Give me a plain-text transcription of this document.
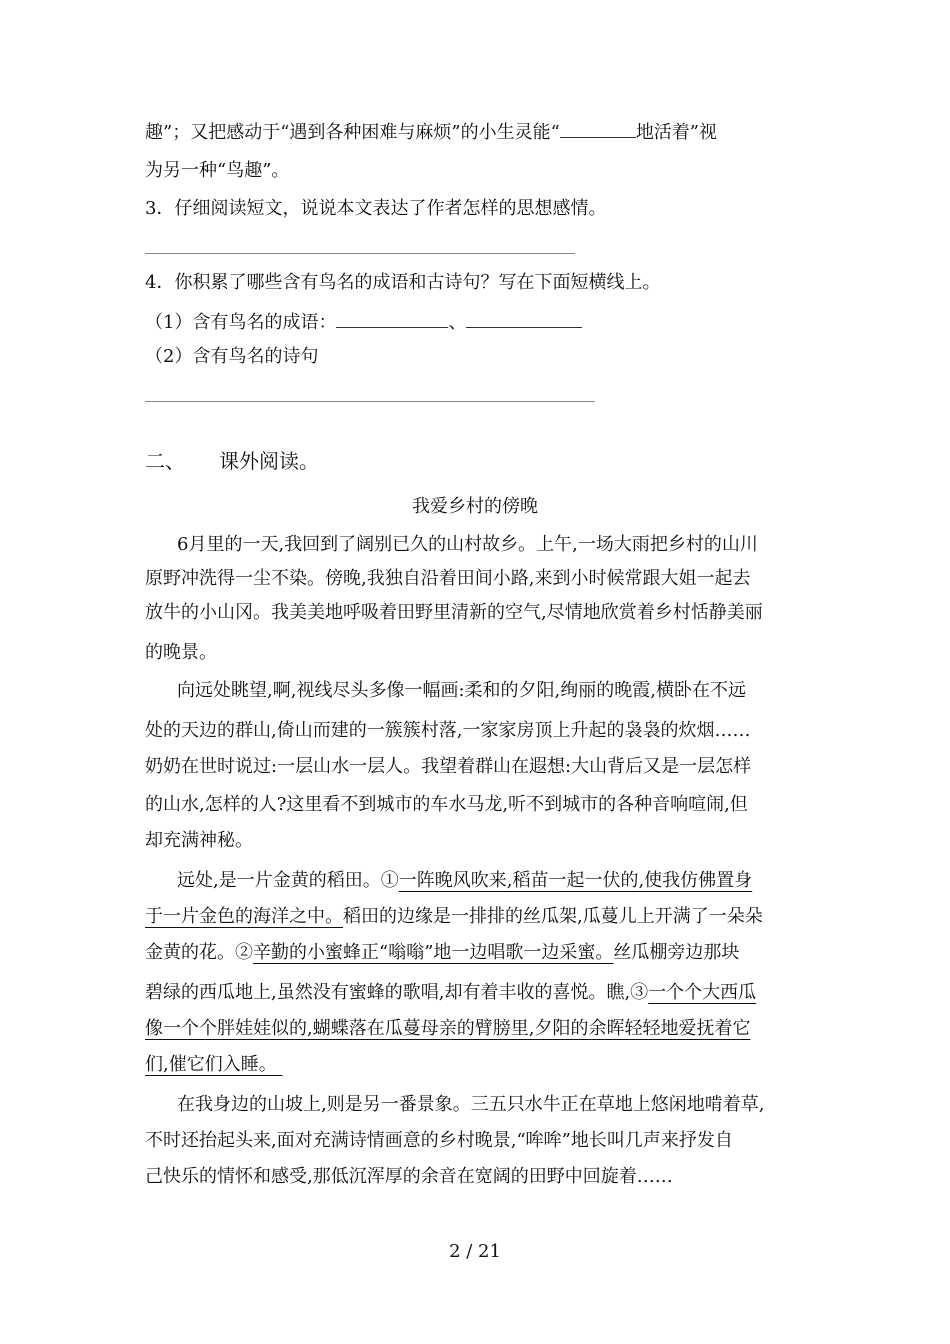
趣”；又把感动于“遇到各种困难与麻烦”的小生灵能“	地活着”视
为另一种“鸟趣”。
3．仔细阅读短文，说说本文表达了作者怎样的思想感情。
4．你积累了哪些含有鸟名的成语和古诗句？写在下面短横线上。
（1）含有鸟名的成语：	、
（2）含有鸟名的诗句
二、 课外阅读。
我爱乡村的傍晚
6月里的一天,我回到了阔别已久的山村故乡。上午,一场大雨把乡村的山川
原野冲洗得一尘不染。傍晚,我独自沿着田间小路,来到小时候常跟大姐一起去
放牛的小山冈。我美美地呼吸着田野里清新的空气,尽情地欣赏着乡村恬静美丽
的晚景。
向远处眺望,啊,视线尽头多像一幅画:柔和的夕阳,绚丽的晚霞,横卧在不远
处的天边的群山,倚山而建的一簇簇村落,一家家房顶上升起的袅袅的炊烟……
奶奶在世时说过:一层山水一层人。我望着群山在遐想:大山背后又是一层怎样
的山水,怎样的人?这里看不到城市的车水马龙,听不到城市的各种音响喧闹,但
却充满神秘。
远处,是一片金黄的稻田。①一阵晚风吹来,稻苗一起一伏的,使我仿佛置身
于一片金色的海洋之中。稻田的边缘是一排排的丝瓜架,瓜蔓儿上开满了一朵朵
金黄的花。②辛勤的小蜜蜂正“嗡嗡”地一边唱歌一边采蜜。丝瓜棚旁边那块
碧绿的西瓜地上,虽然没有蜜蜂的歌唱,却有着丰收的喜悦。瞧,③一个个大西瓜
像一个个胖娃娃似的,蝴蝶落在瓜蔓母亲的臂膀里,夕阳的余晖轻轻地爱抚着它
们,催它们入睡。
在我身边的山坡上,则是另一番景象。三五只水牛正在草地上悠闲地啃着草,
不时还抬起头来,面对充满诗情画意的乡村晚景,“哞哞”地长叫几声来抒发自
己快乐的情怀和感受,那低沉浑厚的余音在宽阔的田野中回旋着……
2 / 21
